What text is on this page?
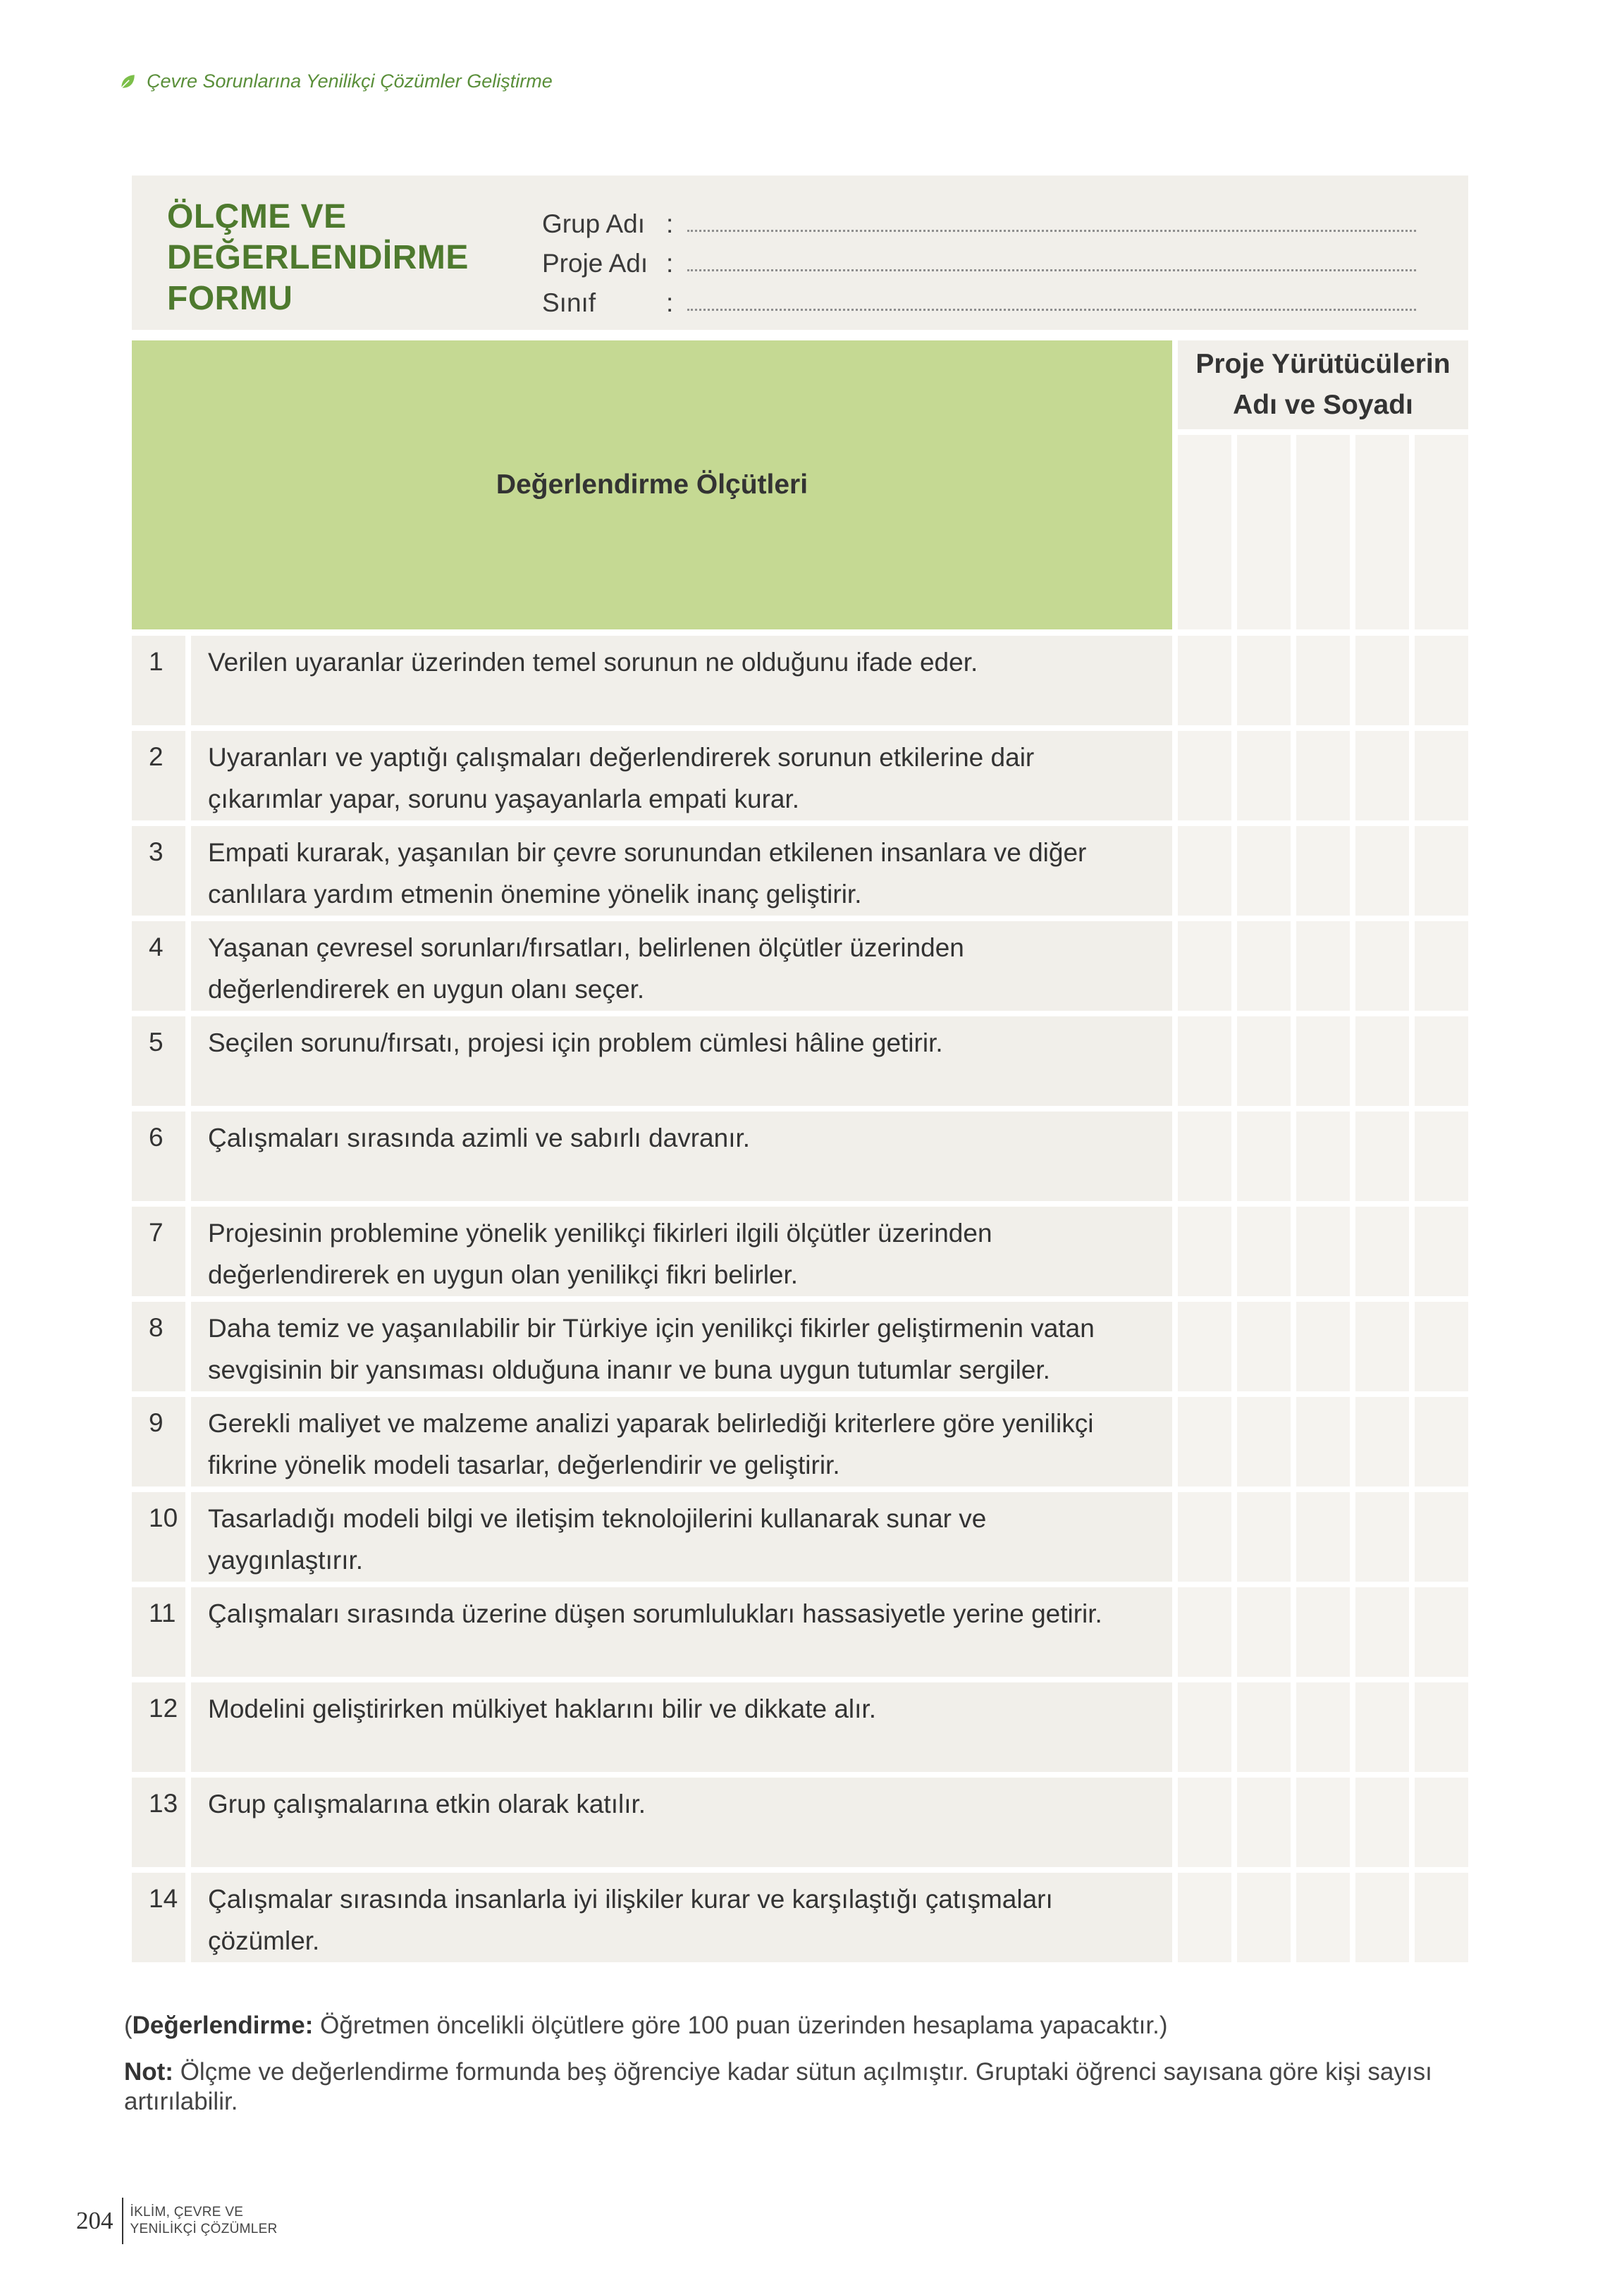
Çevre Sorunlarına Yenilikçi Çözümler Geliştirme
ÖLÇME VE
DEĞERLENDİRME
FORMU
Grup Adı :
Proje Adı :
Sınıf	:
Değerlendirme Ölçütleri
Proje Yürütücülerin
Adı ve Soyadı
1	Verilen uyaranlar üzerinden temel sorunun ne olduğunu ifade eder.
2	Uyaranları ve yaptığı çalışmaları değerlendirerek sorunun etkilerine dair
çıkarımlar yapar, sorunu yaşayanlarla empati kurar.
3	Empati kurarak, yaşanılan bir çevre sorunundan etkilenen insanlara ve diğer
canlılara yardım etmenin önemine yönelik inanç geliştirir.
4	Yaşanan çevresel sorunları/fırsatları, belirlenen ölçütler üzerinden
değerlendirerek en uygun olanı seçer.
5	Seçilen sorunu/fırsatı, projesi için problem cümlesi hâline getirir.
6	Çalışmaları sırasında azimli ve sabırlı davranır.
7	Projesinin problemine yönelik yenilikçi fikirleri ilgili ölçütler üzerinden
değerlendirerek en uygun olan yenilikçi fikri belirler.
8	Daha temiz ve yaşanılabilir bir Türkiye için yenilikçi fikirler geliştirmenin vatan
sevgisinin bir yansıması olduğuna inanır ve buna uygun tutumlar sergiler.
9	Gerekli maliyet ve malzeme analizi yaparak belirlediği kriterlere göre yenilikçi
fikrine yönelik modeli tasarlar, değerlendirir ve geliştirir.
10 Tasarladığı modeli bilgi ve iletişim teknolojilerini kullanarak sunar ve
yaygınlaştırır.
11	Çalışmaları sırasında üzerine düşen sorumlulukları hassasiyetle yerine getirir.
12 Modelini geliştirirken mülkiyet haklarını bilir ve dikkate alır.
13 Grup çalışmalarına etkin olarak katılır.
14 Çalışmalar sırasında insanlarla iyi ilişkiler kurar ve karşılaştığı çatışmaları çözümler.
(Değerlendirme: Öğretmen öncelikli ölçütlere göre 100 puan üzerinden hesaplama yapacaktır.)
Not: Ölçme ve değerlendirme formunda beş öğrenciye kadar sütun açılmıştır. Gruptaki öğrenci sayısana göre kişi sayısı artırılabilir.
204	İKLİM, ÇEVRE VE
YENİLİKÇİ ÇÖZÜMLER
